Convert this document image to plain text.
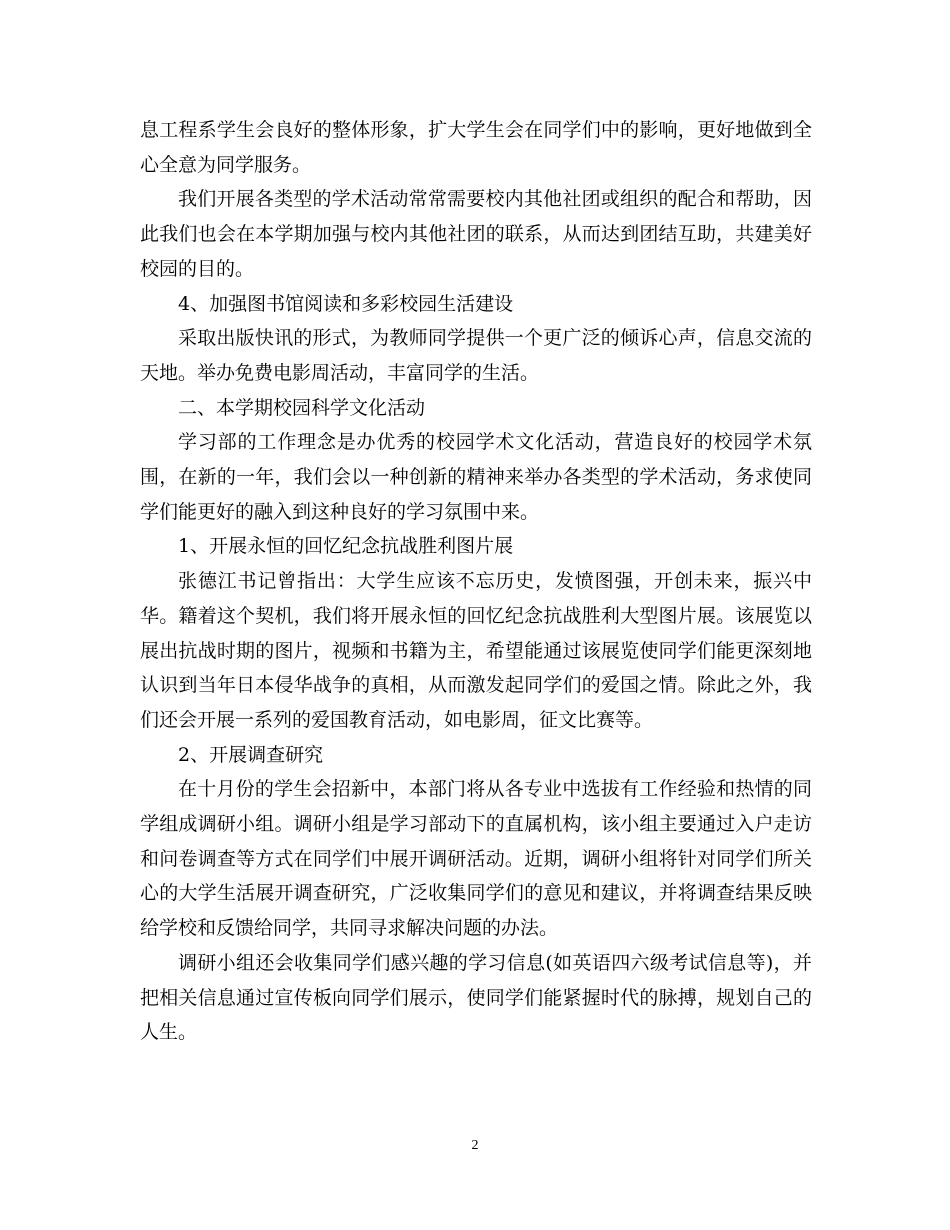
息工程系学生会良好的整体形象，扩大学生会在同学们中的影响，更好地做到全心全意为同学服务。

我们开展各类型的学术活动常常需要校内其他社团或组织的配合和帮助，因此我们也会在本学期加强与校内其他社团的联系，从而达到团结互助，共建美好校园的目的。

4、加强图书馆阅读和多彩校园生活建设

采取出版快讯的形式，为教师同学提供一个更广泛的倾诉心声，信息交流的天地。举办免费电影周活动，丰富同学的生活。

二、本学期校园科学文化活动

学习部的工作理念是办优秀的校园学术文化活动，营造良好的校园学术氛围，在新的一年，我们会以一种创新的精神来举办各类型的学术活动，务求使同学们能更好的融入到这种良好的学习氛围中来。

1、开展永恒的回忆纪念抗战胜利图片展

张德江书记曾指出：大学生应该不忘历史，发愤图强，开创未来，振兴中华。籍着这个契机，我们将开展永恒的回忆纪念抗战胜利大型图片展。该展览以展出抗战时期的图片，视频和书籍为主，希望能通过该展览使同学们能更深刻地认识到当年日本侵华战争的真相，从而激发起同学们的爱国之情。除此之外，我们还会开展一系列的爱国教育活动，如电影周，征文比赛等。

2、开展调查研究

在十月份的学生会招新中，本部门将从各专业中选拔有工作经验和热情的同学组成调研小组。调研小组是学习部动下的直属机构，该小组主要通过入户走访和问卷调查等方式在同学们中展开调研活动。近期，调研小组将针对同学们所关心的大学生活展开调查研究，广泛收集同学们的意见和建议，并将调查结果反映给学校和反馈给同学，共同寻求解决问题的办法。

调研小组还会收集同学们感兴趣的学习信息(如英语四六级考试信息等)，并把相关信息通过宣传板向同学们展示，使同学们能紧握时代的脉搏，规划自己的人生。

2
